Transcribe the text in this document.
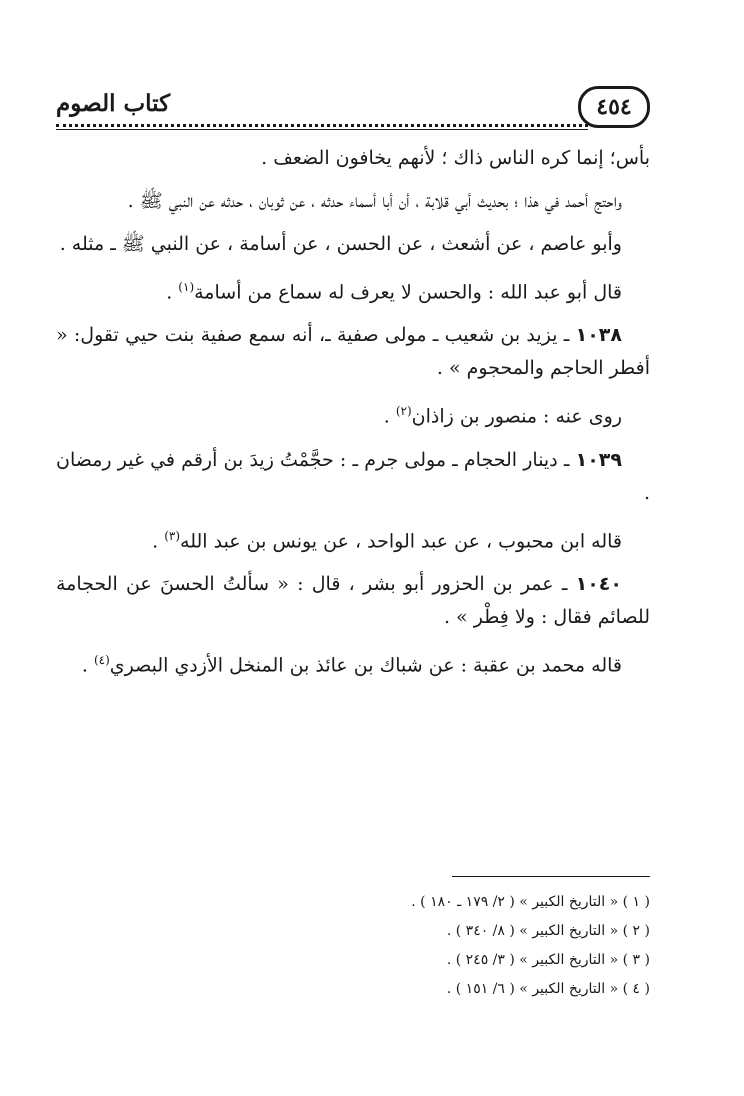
٤٥٤
كتاب الصوم

بأس؛ إنما كره الناس ذاك ؛ لأنهم يخافون الضعف .

واحتج أحمد في هذا ؛ بحديث أبي قلابة ، أن أبا أسماء حدثه ، عن ثوبان ، حدثه عن النبي ﷺ .

وأبو عاصم ، عن أشعث ، عن الحسن ، عن أسامة ، عن النبي ﷺ ـ مثله .

قال أبو عبد الله : والحسن لا يعرف له سماع من أسامة$^{(١)}$ .

١٠٣٨ ـ يزيد بن شعيب ـ مولى صفية ـ، أنه سمع صفية بنت حيي تقول: « أفطر الحاجم والمحجوم » .

روى عنه : منصور بن زاذان$^{(٢)}$ .

١٠٣٩ ـ دينار الحجام ـ مولى جرم ـ : حجَّمْتُ زيدَ بن أرقم في غير رمضان .

قاله ابن محبوب ، عن عبد الواحد ، عن يونس بن عبد الله$^{(٣)}$ .

١٠٤٠ ـ عمر بن الحزور أبو بشر ، قال : « سألتُ الحسنَ عن الحجامة للصائم فقال : ولا فِطْر » .

قاله محمد بن عقبة : عن شباك بن عائذ بن المنخل الأزدي البصري$^{(٤)}$ .

( ١ ) « التاريخ الكبير » ( ٢/ ١٧٩ ـ ١٨٠ ) .
( ٢ ) « التاريخ الكبير » ( ٨/ ٣٤٠ ) .
( ٣ ) « التاريخ الكبير » ( ٣/ ٢٤٥ ) .
( ٤ ) « التاريخ الكبير » ( ٦/ ١٥١ ) .
